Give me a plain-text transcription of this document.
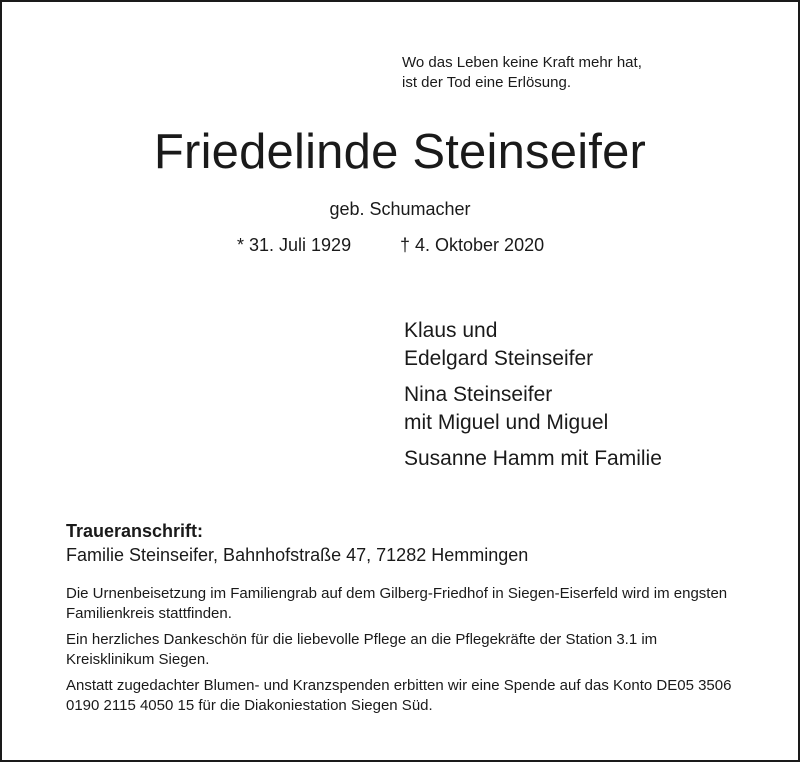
Wo das Leben keine Kraft mehr hat,
ist der Tod eine Erlösung.
Friedelinde Steinseifer
geb. Schumacher
* 31. Juli 1929	† 4. Oktober 2020
Klaus und
Edelgard Steinseifer
Nina Steinseifer
mit Miguel und Miguel
Susanne Hamm mit Familie
Traueranschrift:
Familie Steinseifer, Bahnhofstraße 47, 71282 Hemmingen

Die Urnenbeisetzung im Familiengrab auf dem Gilberg-Friedhof in Siegen-Eiserfeld wird im engsten Familienkreis stattfinden.

Ein herzliches Dankeschön für die liebevolle Pflege an die Pflegekräfte der Station 3.1 im Kreisklinikum Siegen.

Anstatt zugedachter Blumen- und Kranzspenden erbitten wir eine Spende auf das Konto DE05 3506 0190 2115 4050 15 für die Diakoniestation Siegen Süd.
